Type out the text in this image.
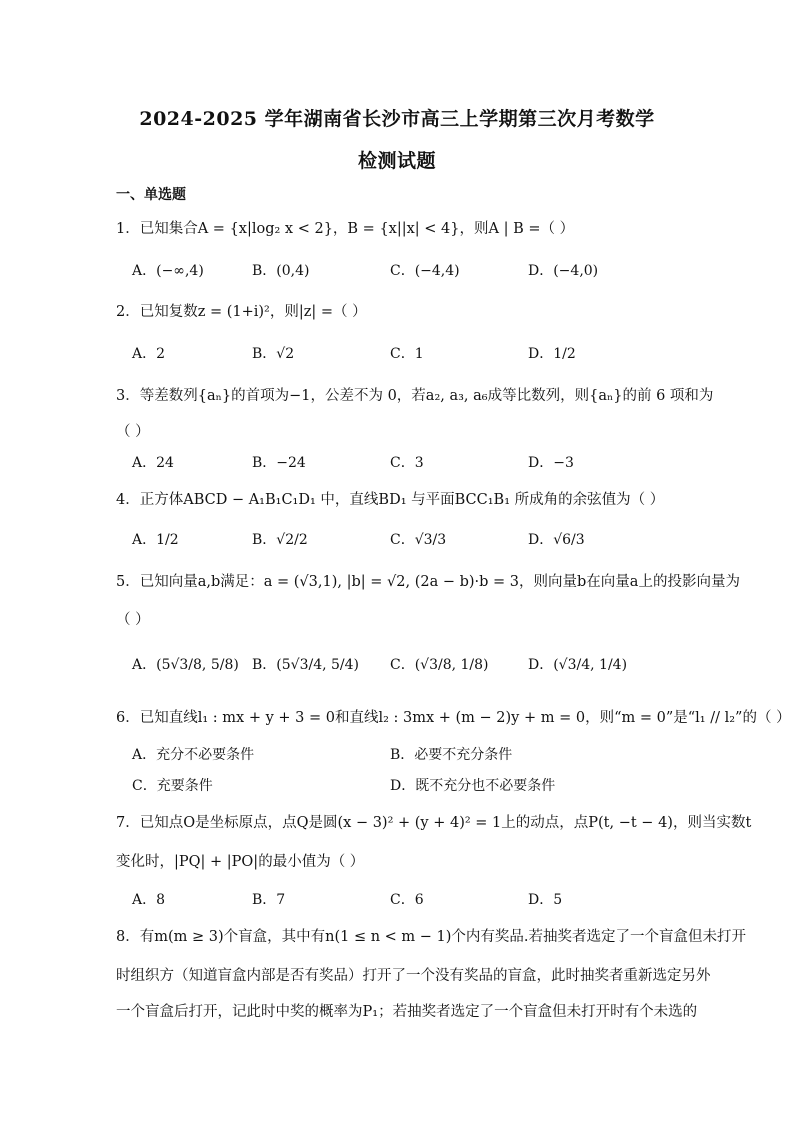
2024-2025 学年湖南省长沙市高三上学期第三次月考数学
检测试题
一、单选题
1．已知集合A = {x|log₂ x < 2}，B = {x||x| < 4}，则A | B =（ ）
A．(−∞,4)	B．(0,4)	C．(−4,4)	D．(−4,0)
2．已知复数z = (1+i)²，则|z| =（ ）
A．2	B．√2	C．1	D．1/2
3．等差数列{aₙ}的首项为−1，公差不为 0，若a₂, a₃, a₆成等比数列，则{aₙ}的前 6 项和为
（ ）
A．24	B．−24	C．3	D．−3
4．正方体ABCD − A₁B₁C₁D₁ 中，直线BD₁ 与平面BCC₁B₁ 所成角的余弦值为（ ）
A．1/2	B．√2/2	C．√3/3	D．√6/3
5．已知向量a,b满足：a = (√3,1), |b| = √2, (2a − b)·b = 3，则向量b在向量a上的投影向量为
（ ）
A．(5√3/8, 5/8) B．(5√3/4, 5/4) C．(√3/8, 1/8)	D．(√3/4, 1/4)
6．已知直线l₁ : mx + y + 3 = 0和直线l₂ : 3mx + (m − 2)y + m = 0，则“m = 0”是“l₁ // l₂”的（ ）
A．充分不必要条件	B．必要不充分条件
C．充要条件	D．既不充分也不必要条件
7．已知点O是坐标原点，点Q是圆(x − 3)² + (y + 4)² = 1上的动点，点P(t, −t − 4)，则当实数t
变化时，|PQ| + |PO|的最小值为（ ）
A．8	B．7	C．6	D．5
8．有m(m ≥ 3)个盲盒，其中有n(1 ≤ n < m − 1)个内有奖品.若抽奖者选定了一个盲盒但未打开
时组织方（知道盲盒内部是否有奖品）打开了一个没有奖品的盲盒，此时抽奖者重新选定另外
一个盲盒后打开，记此时中奖的概率为P₁；若抽奖者选定了一个盲盒但未打开时有个未选的
